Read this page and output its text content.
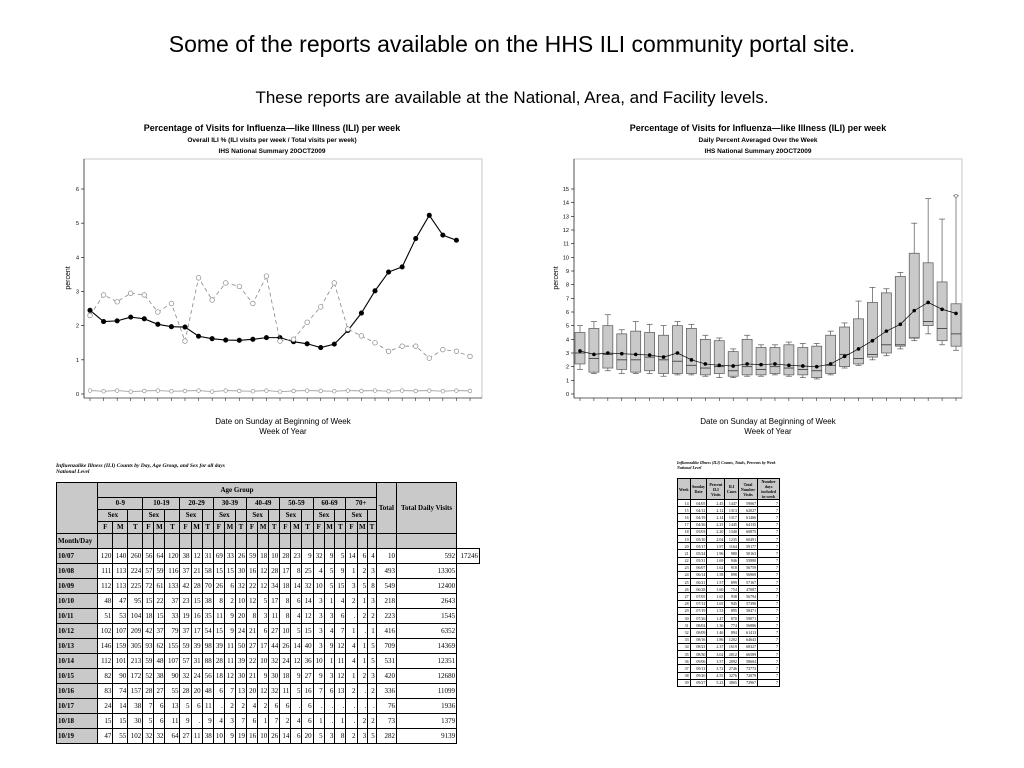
Some of the reports available on the HHS ILI community portal site.
These reports are available at the National, Area, and Facility levels.
Percentage of Visits for Influenza—like Illness (ILI) per week
Overall ILI % (ILI visits per week / Total visits per week)
IHS National Summary 20OCT2009
percent
Date on Sunday at Beginning of Week
Week of Year
0
1
2
3
4
5
6
Percentage of Visits for Influenza—like Illness (ILI) per week
Daily Percent Averaged Over the Week
IHS National Summary 20OCT2009
percent
Date on Sunday at Beginning of Week
Week of Year
0
1
2
3
4
5
6
7
8
9
10
11
12
13
14
15
Influenzalike Illness (ILI) Counts by Day, Age Group, and Sex for all days
National Level
	Age Group																								Total	Total Daily Visits	
	0-9			10-19			20-29			30-39			40-49			50-59			60-69			70+					
	Sex			Sex			Sex			Sex			Sex			Sex			Sex			Sex					
	F	M	T	F	M	T	F	M	T	F	M	T	F	M	T	F	M	T	F	M	T	F	M	T			
Month/Day																											
10/07	120	140	260	56	64	120	38	12	31	69	33	26	59	18	10	28	23	9	32	9	5	14	6	4	10	592	17246
10/08	111	113	224	57	59	116	37	21	58	15	15	30	16	12	28	17	8	25	4	5	9	1	2	3	493	13305	
10/09	112	113	225	72	61	133	42	28	70	26	6	32	22	12	34	18	14	32	10	5	15	3	5	8	549	12400	
10/10	48	47	95	15	22	37	23	15	38	8	2	10	12	5	17	8	6	14	3	1	4	2	1	3	218	2643	
10/11	51	53	104	18	15	33	19	16	35	11	9	20	8	3	11	8	4	12	3	3	6	.	2	2	223	1545	
10/12	102	107	209	42	37	79	37	17	54	15	9	24	21	6	27	10	5	15	3	4	7	1	.	1	416	6352	
10/13	146	159	305	93	62	155	59	39	98	39	11	50	27	17	44	26	14	40	3	9	12	4	1	5	709	14369	
10/14	112	101	213	59	48	107	57	31	88	28	11	39	22	10	32	24	12	36	10	1	11	4	1	5	531	12351	
10/15	82	90	172	52	38	90	32	24	56	18	12	30	21	9	30	18	9	27	9	3	12	1	2	3	420	12680	
10/16	83	74	157	28	27	55	28	20	48	6	7	13	20	12	32	11	5	16	7	6	13	2	.	2	336	11099	
10/17	24	14	38	7	6	13	5	6	11	.	2	2	4	2	6	6	.	6	.	.	.	.	.	.	76	1936	
10/18	15	15	30	5	6	11	9	.	9	4	3	7	6	1	7	2	4	6	1	.	1	.	2	2	73	1379	
10/19	47	55	102	32	32	64	27	11	38	10	9	19	16	10	26	14	6	20	5	3	8	2	3	5	282	9139	
Influenzalike Illness (ILI) Counts, Totals, Percents by Week
National Level
Week	Sunday Date	Percent ILI Visits	ILI Cases	Total Number Visits	Number days included in week
14	04/05	2.45	1447	59067	7
15	04/12	2.12	1313	62027	7
16	04/19	2.14	1317	61466	7
17	04/26	2.25	1445	64135	7
18	05/03	2.20	1340	60875	7
19	05/10	2.04	1235	60491	7
20	05/17	1.97	1164	59177	7
21	05/24	1.96	980	50163	7
22	05/31	1.69	946	55880	7
23	06/07	1.62	918	56759	7
24	06/14	1.58	898	56969	7
25	06/21	1.57	899	57167	7
26	06/28	1.60	754	47087	7
27	07/05	1.65	938	56794	7
28	07/12	1.65	945	57390	7
29	07/19	1.53	895	58471	7
30	07/26	1.47	870	59071	7
31	08/02	1.36	774	56886	7
32	08/09	1.46	894	61413	7
33	08/16	1.86	1202	64643	7
34	08/23	2.37	1619	68327	7
35	08/30	3.02	2012	66589	7
36	09/06	3.57	2092	58604	7
37	09/13	3.72	2746	73773	7
38	09/20	4.55	3276	72079	7
39	09/27	5.23	3865	73967	7
